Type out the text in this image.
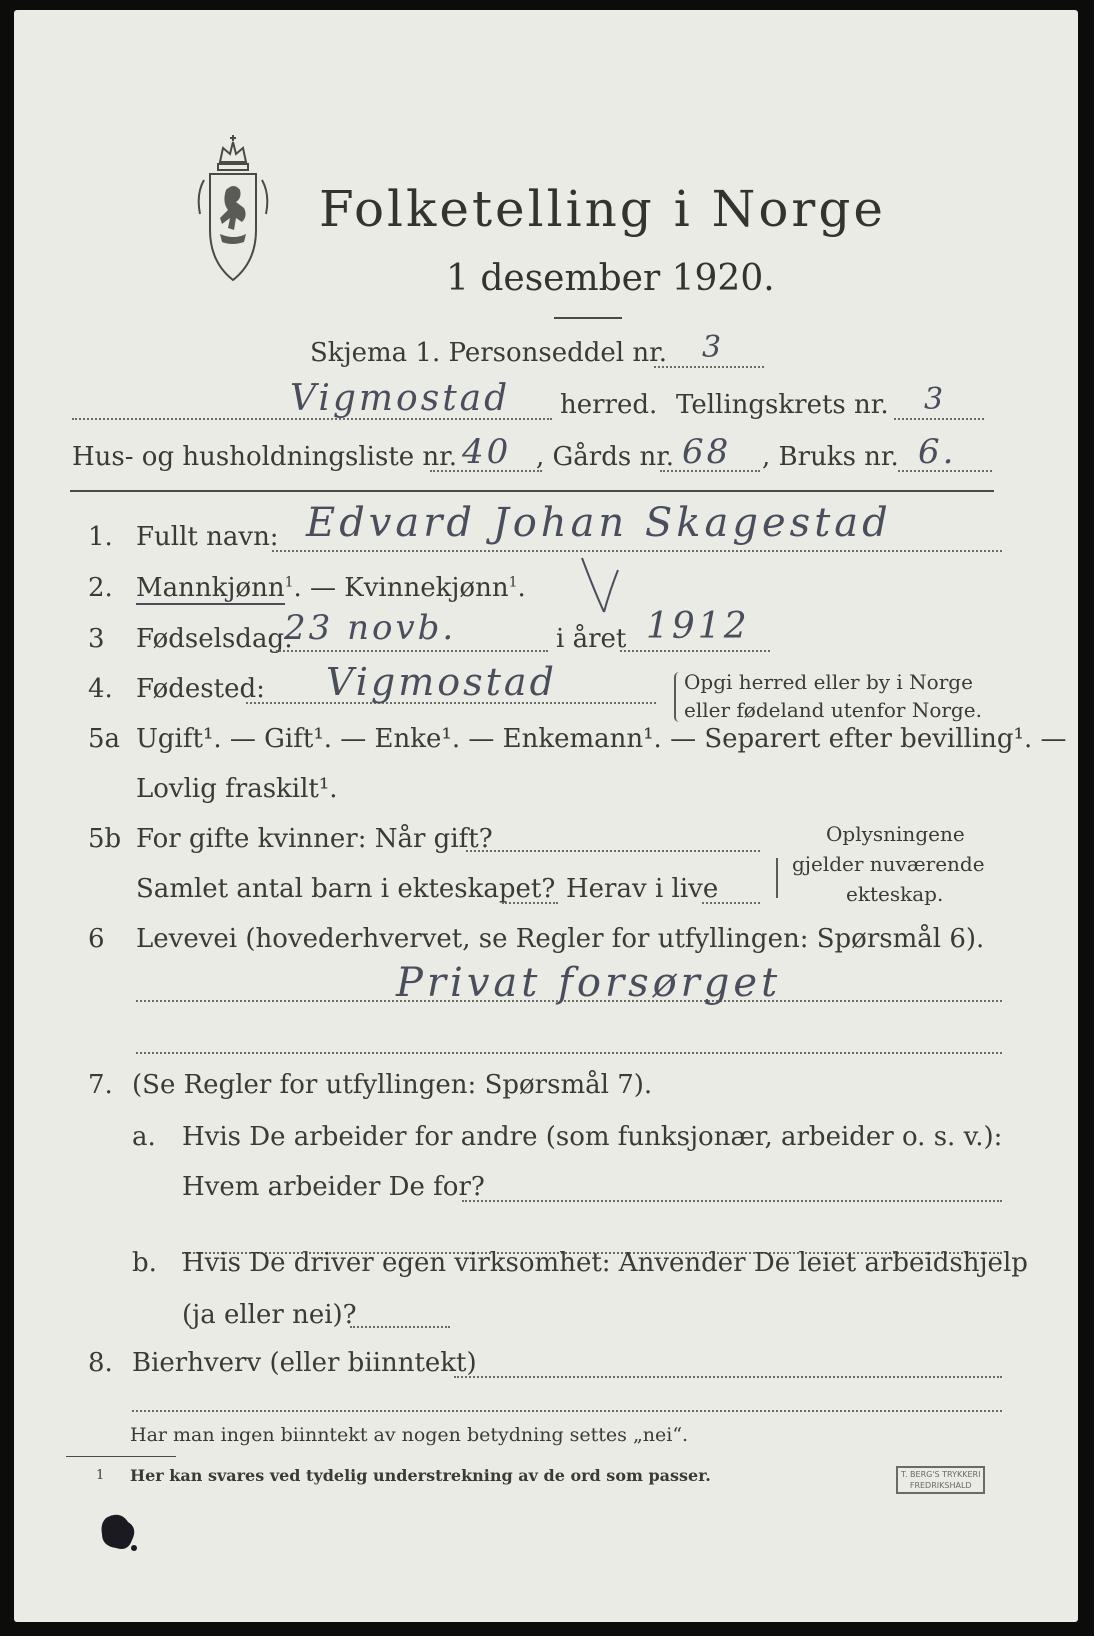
Folketelling i Norge
1 desember 1920.
Skjema 1. Personseddel nr. 3
Vigmostad herred. Tellingskrets nr. 3
Hus- og husholdningsliste nr. 40 , Gårds nr. 68 , Bruks nr. 6.
1. Fullt navn: Edvard Johan Skagestad
2. Mannkjønn$^1$. — Kvinnekjønn$^1$.
3 Fødselsdag:
23 novb.	i året 1912
4. Fødested: Vigmostad	Opgi herred eller by i Norge
eller fødeland utenfor Norge.
5a Ugift¹. — Gift¹. — Enke¹. — Enkemann¹. — Separert efter bevilling¹. —
Lovlig fraskilt¹.
5b For gifte kvinner: Når gift?
Samlet antal barn i ekteskapet? Herav i live
Oplysningene
gjelder nuværende
ekteskap.
6 Levevei (hovederhvervet, se Regler for utfyllingen: Spørsmål 6).
Privat forsørget
7. (Se Regler for utfyllingen: Spørsmål 7).
a. Hvis De arbeider for andre (som funksjonær, arbeider o. s. v.):
Hvem arbeider De for?
b. Hvis De driver egen virksomhet: Anvender De leiet arbeidshjelp
(ja eller nei)?
8. Bierhverv (eller biinntekt)
Har man ingen biinntekt av nogen betydning settes „nei“.
1 Her kan svares ved tydelig understrekning av de ord som passer.	T. BERG'S TRYKKERI
FREDRIKSHALD
